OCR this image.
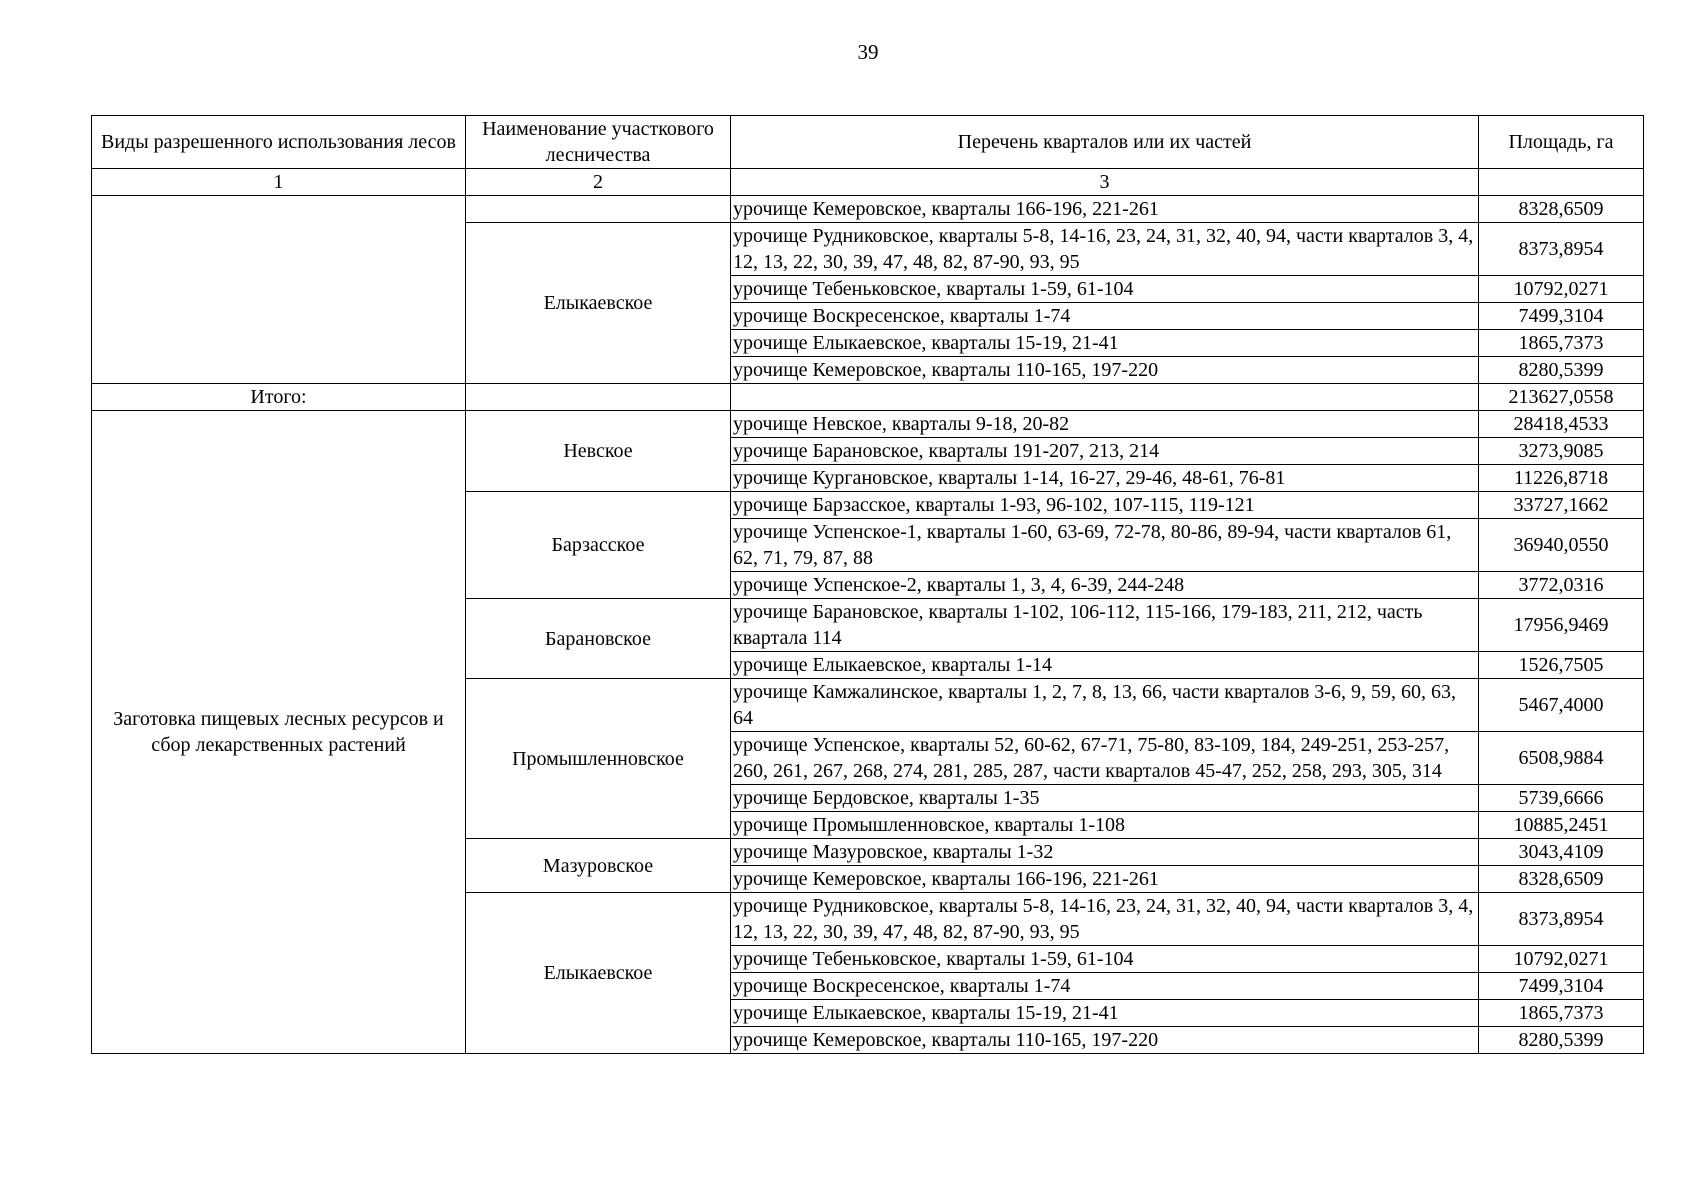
39
Виды разрешенного использования лесов	Наименование участкового лесничества	Перечень кварталов или их частей	Площадь, га
1	2	3	
		урочище Кемеровское, кварталы 166-196, 221-261	8328,6509
	Елыкаевское	урочище Рудниковское, кварталы 5-8, 14-16, 23, 24, 31, 32, 40, 94, части кварталов 3, 4, 12, 13, 22, 30, 39, 47, 48, 82, 87-90, 93, 95	8373,8954
		урочище Тебеньковское, кварталы 1-59, 61-104	10792,0271
		урочище Воскресенское, кварталы 1-74	7499,3104
		урочище Елыкаевское, кварталы 15-19, 21-41	1865,7373
		урочище Кемеровское, кварталы 110-165, 197-220	8280,5399
Итого:			213627,0558
Заготовка пищевых лесных ресурсов и сбор лекарственных растений	Невское	урочище Невское, кварталы 9-18, 20-82	28418,4533
		урочище Барановское, кварталы 191-207, 213, 214	3273,9085
		урочище Кургановское, кварталы 1-14, 16-27, 29-46, 48-61, 76-81	11226,8718
	Барзасское	урочище Барзасское, кварталы 1-93, 96-102, 107-115, 119-121	33727,1662
		урочище Успенское-1, кварталы 1-60, 63-69, 72-78, 80-86, 89-94, части кварталов 61, 62, 71, 79, 87, 88	36940,0550
		урочище Успенское-2, кварталы 1, 3, 4, 6-39, 244-248	3772,0316
	Барановское	урочище Барановское, кварталы 1-102, 106-112, 115-166, 179-183, 211, 212, часть квартала 114	17956,9469
		урочище Елыкаевское, кварталы 1-14	1526,7505
	Промышленновское	урочище Камжалинское, кварталы 1, 2, 7, 8, 13, 66, части кварталов 3-6, 9, 59, 60, 63, 64	5467,4000
		урочище Успенское, кварталы 52, 60-62, 67-71, 75-80, 83-109, 184, 249-251, 253-257, 260, 261, 267, 268, 274, 281, 285, 287, части кварталов 45-47, 252, 258, 293, 305, 314	6508,9884
		урочище Бердовское, кварталы 1-35	5739,6666
		урочище Промышленновское, кварталы 1-108	10885,2451
	Мазуровское	урочище Мазуровское, кварталы 1-32	3043,4109
		урочище Кемеровское, кварталы 166-196, 221-261	8328,6509
	Елыкаевское	урочище Рудниковское, кварталы 5-8, 14-16, 23, 24, 31, 32, 40, 94, части кварталов 3, 4, 12, 13, 22, 30, 39, 47, 48, 82, 87-90, 93, 95	8373,8954
		урочище Тебеньковское, кварталы 1-59, 61-104	10792,0271
		урочище Воскресенское, кварталы 1-74	7499,3104
		урочище Елыкаевское, кварталы 15-19, 21-41	1865,7373
		урочище Кемеровское, кварталы 110-165, 197-220	8280,5399
